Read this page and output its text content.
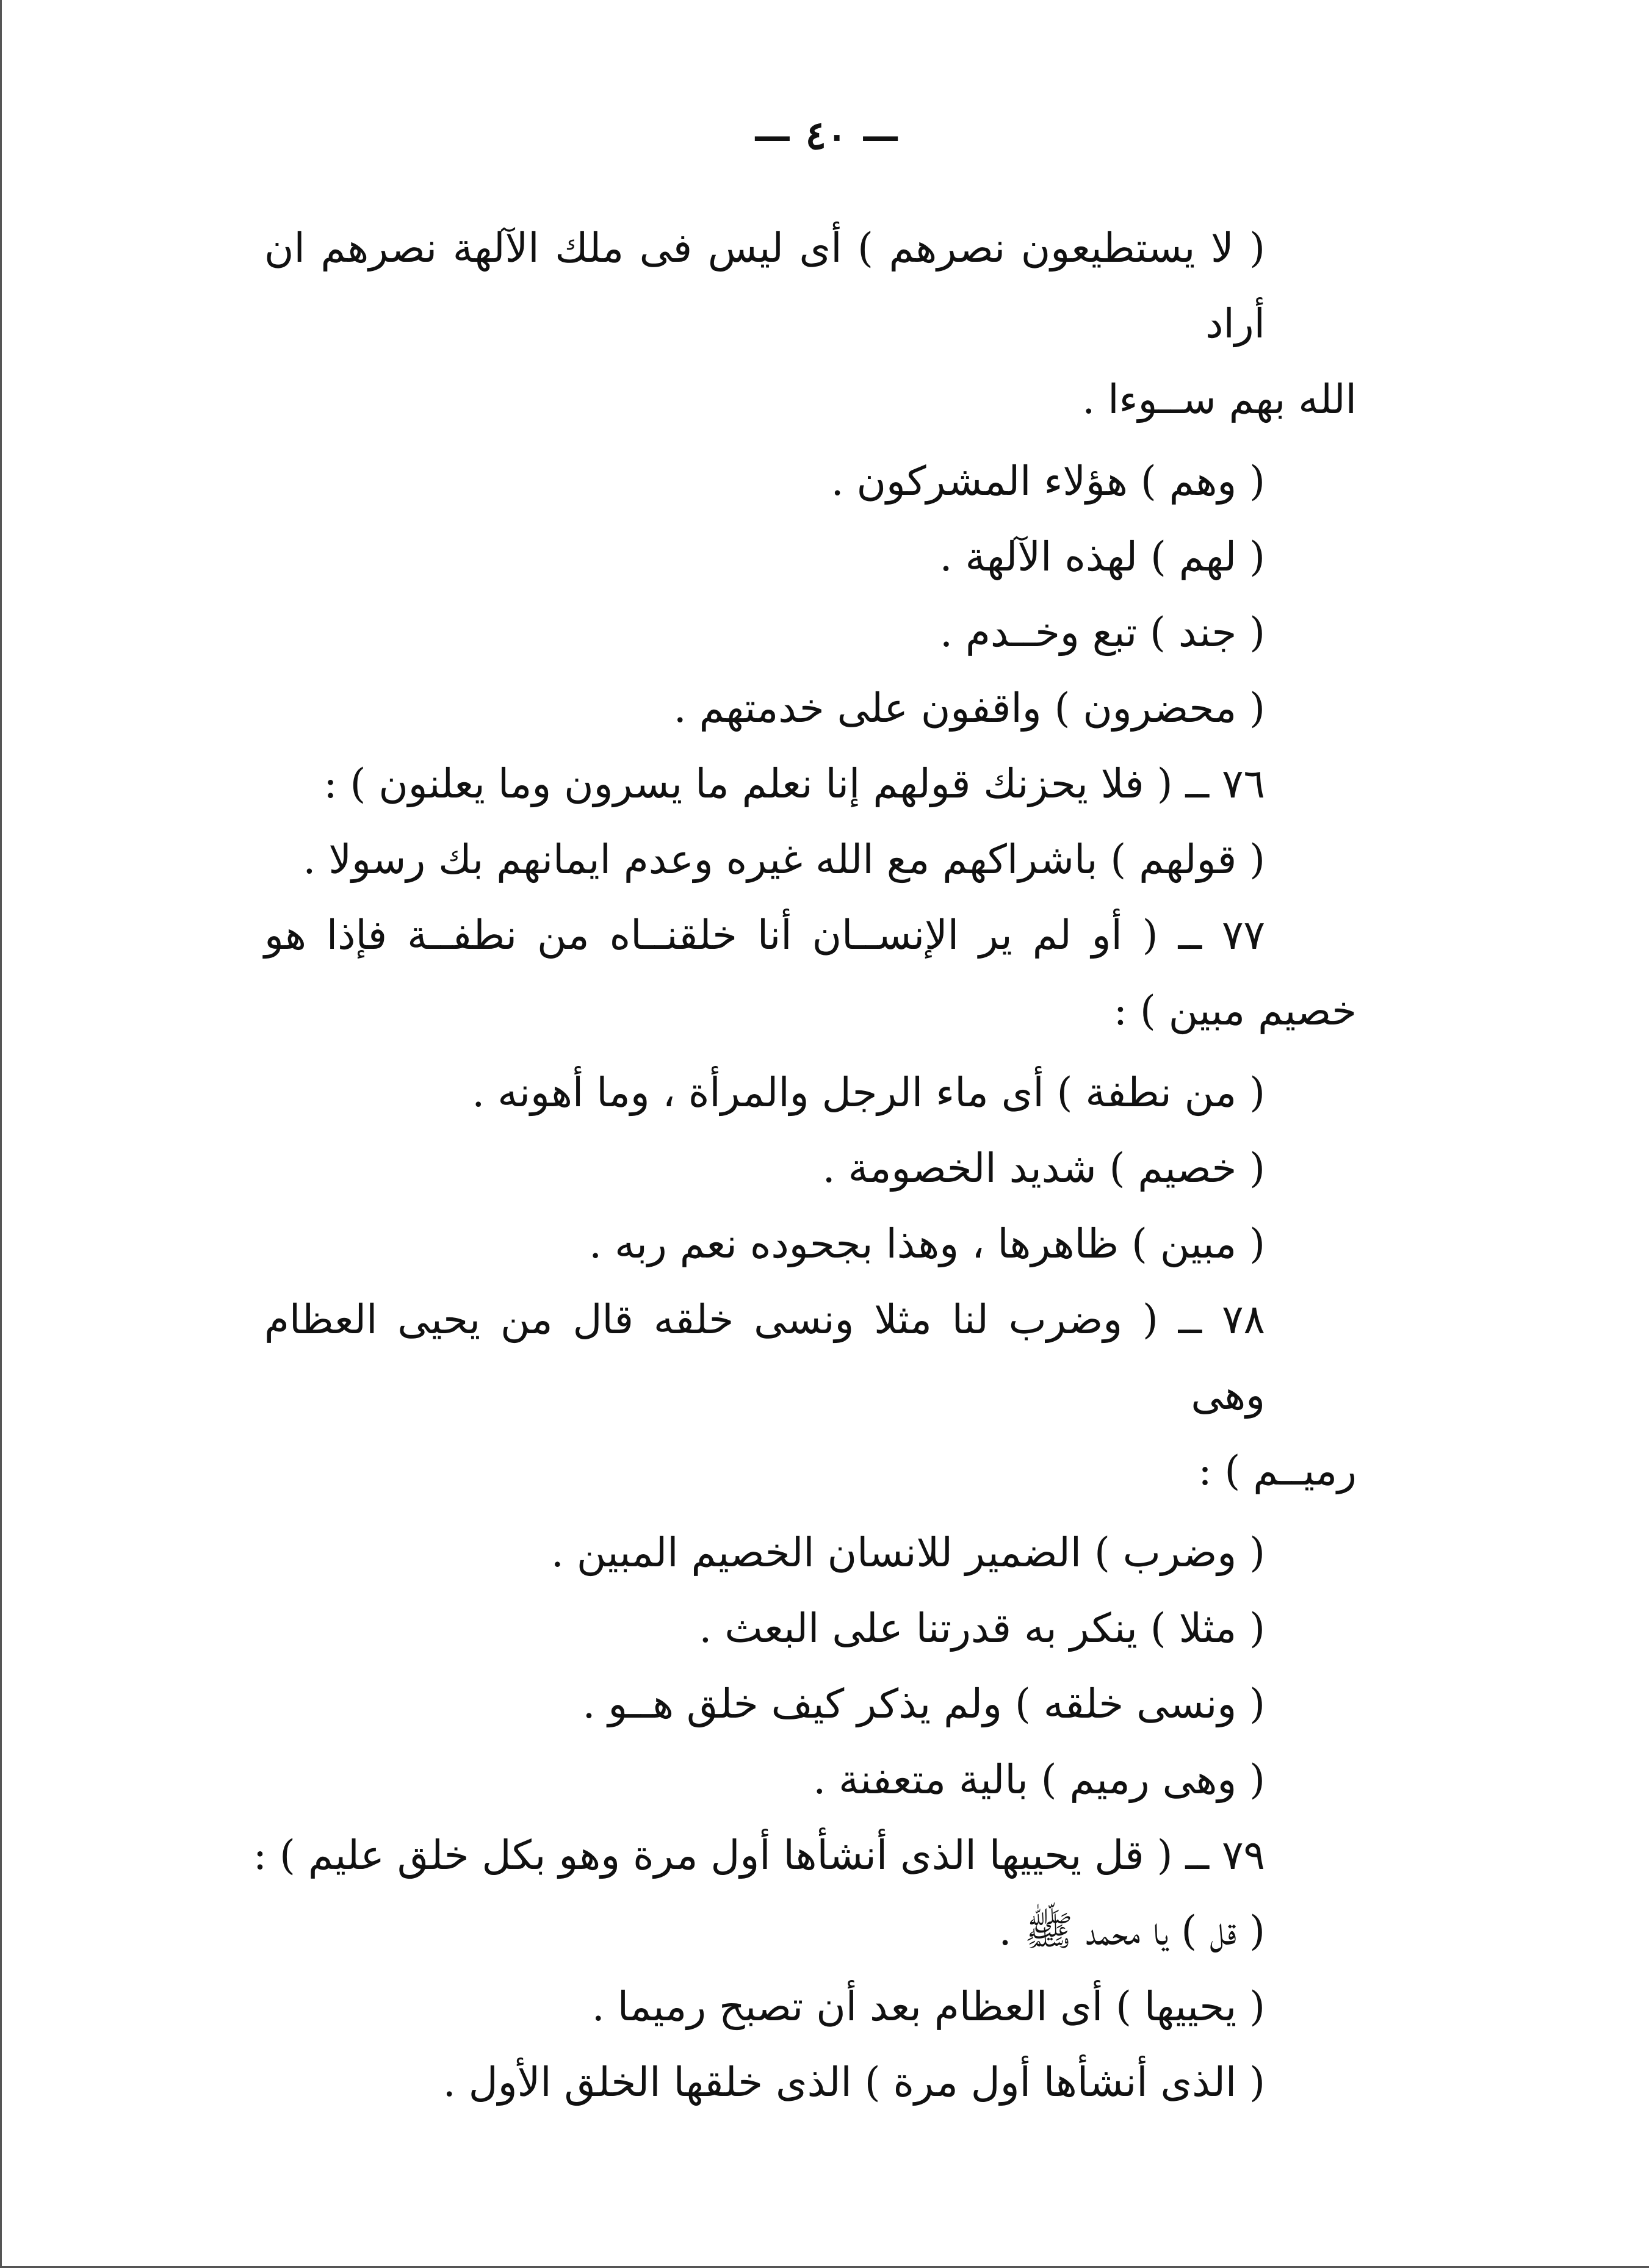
— ٤٠ —
( لا يستطيعون نصرهم ) أى ليس فى ملك الآلهة نصرهم ان أراد
الله بهم ســوءا .
( وهم ) هؤلاء المشركون .
( لهم ) لهذه الآلهة .
( جند ) تبع وخــدم .
( محضرون ) واقفون على خدمتهم .
٧٦ ــ ( فلا يحزنك قولهم إنا نعلم ما يسرون وما يعلنون ) :
( قولهم ) باشراكهم مع الله غيره وعدم ايمانهم بك رسولا .
٧٧ ــ ( أو لم ير الإنســان أنا خلقنــاه من نطفــة فإذا هو
خصيم مبين ) :
( من نطفة ) أى ماء الرجل والمرأة ، وما أهونه .
( خصيم ) شديد الخصومة .
( مبين ) ظاهرها ، وهذا بجحوده نعم ربه .
٧٨ ــ ( وضرب لنا مثلا ونسى خلقه قال من يحيى العظام وهى
رميــم ) :
( وضرب ) الضمير للانسان الخصيم المبين .
( مثلا ) ينكر به قدرتنا على البعث .
( ونسى خلقه ) ولم يذكر كيف خلق هــو .
( وهى رميم ) بالية متعفنة .
٧٩ ــ ( قل يحييها الذى أنشأها أول مرة وهو بكل خلق عليم ) :
( قل ) يا محمد ﷺ .
( يحييها ) أى العظام بعد أن تصبح رميما .
( الذى أنشأها أول مرة ) الذى خلقها الخلق الأول .
